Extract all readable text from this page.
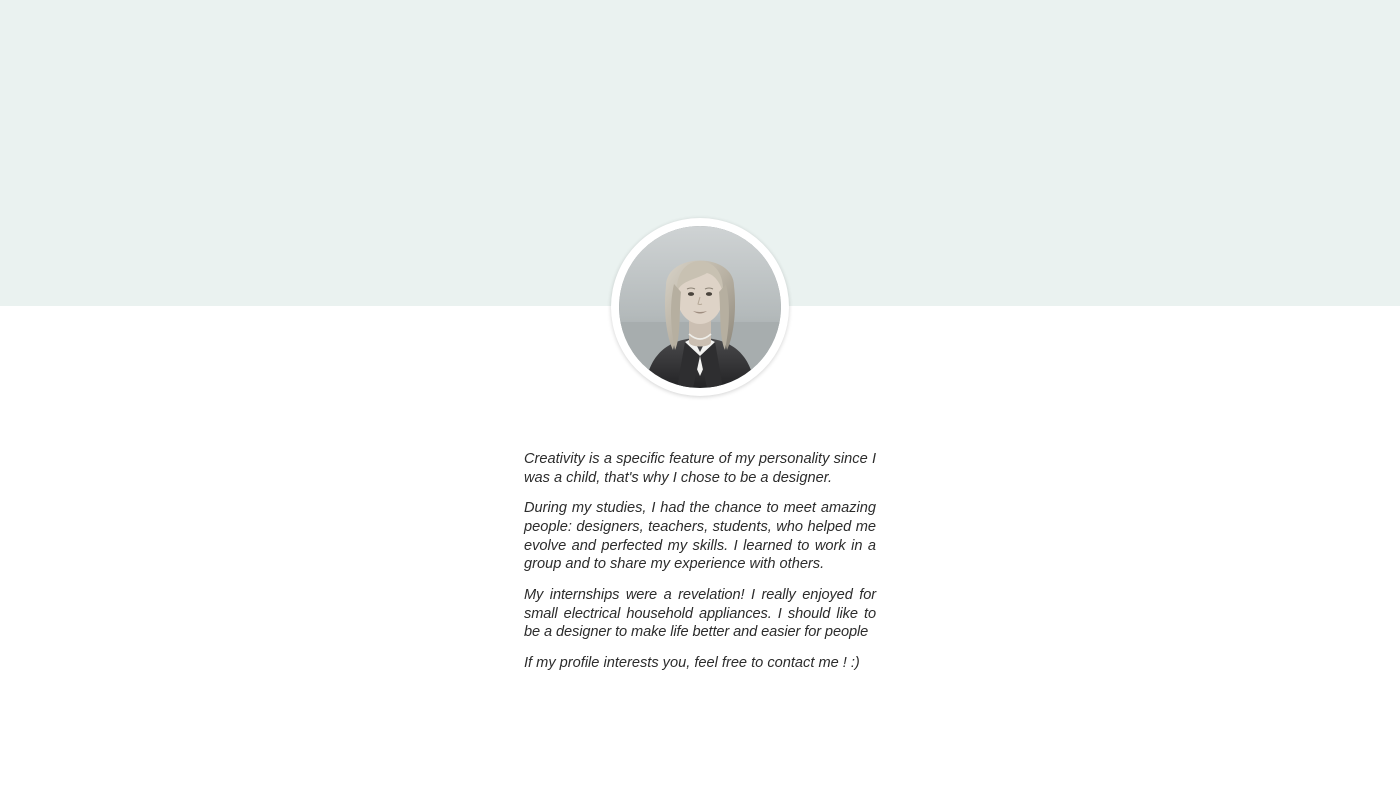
Creativity is a specific feature of my personality since I was a child, that's why I chose to be a designer.

During my studies, I had the chance to meet amazing people: designers, teachers, students, who helped me evolve and perfected my skills. I learned to work in a group and to share my experience with others.

My internships were a revelation! I really enjoyed for small electrical household appliances. I should like to be a designer to make life better and easier for people

If my profile interests you, feel free to contact me ! :)
